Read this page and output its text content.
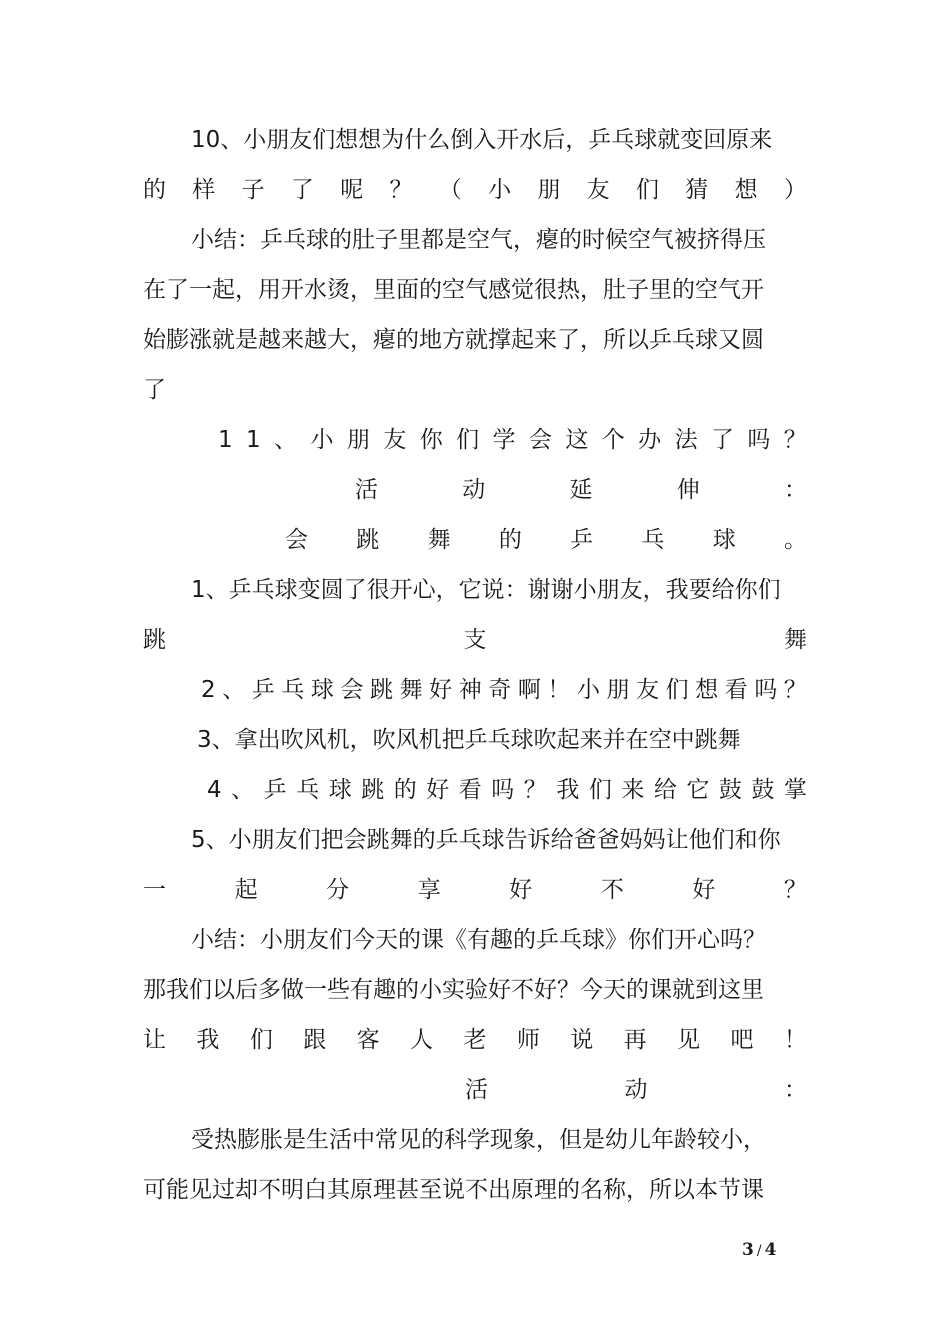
10、小朋友们想想为什么倒入开水后，乒乓球就变回原来
的 样 子 了 呢 ？ （ 小 朋 友 们 猜 想 ）
小结：乒乓球的肚子里都是空气，瘪的时候空气被挤得压
在了一起，用开水烫，里面的空气感觉很热，肚子里的空气开
始膨涨就是越来越大，瘪的地方就撑起来了，所以乒乓球又圆
了
1 1 、 小 朋 友 你 们 学 会 这 个 办 法 了 吗 ？
活	动	延	伸	：
会 跳 舞 的 乒 乓 球 。
1、乒乓球变圆了很开心，它说：谢谢小朋友，我要给你们
跳	支	舞
2 、 乒 乓 球 会 跳 舞 好 神 奇 啊 ！ 小 朋 友 们 想 看 吗 ？
3、拿出吹风机，吹风机把乒乓球吹起来并在空中跳舞
4 、 乒 乓 球 跳 的 好 看 吗 ？ 我 们 来 给 它 鼓 鼓 掌
5、小朋友们把会跳舞的乒乓球告诉给爸爸妈妈让他们和你
一	起	分	享	好	不	好	？
小结：小朋友们今天的课《有趣的乒乓球》你们开心吗？
那我们以后多做一些有趣的小实验好不好？今天的课就到这里
让 我 们 跟 客 人 老 师 说 再 见 吧 ！
活	动	：
受热膨胀是生活中常见的科学现象，但是幼儿年龄较小，
可能见过却不明白其原理甚至说不出原理的名称，所以本节课
3 / 4
